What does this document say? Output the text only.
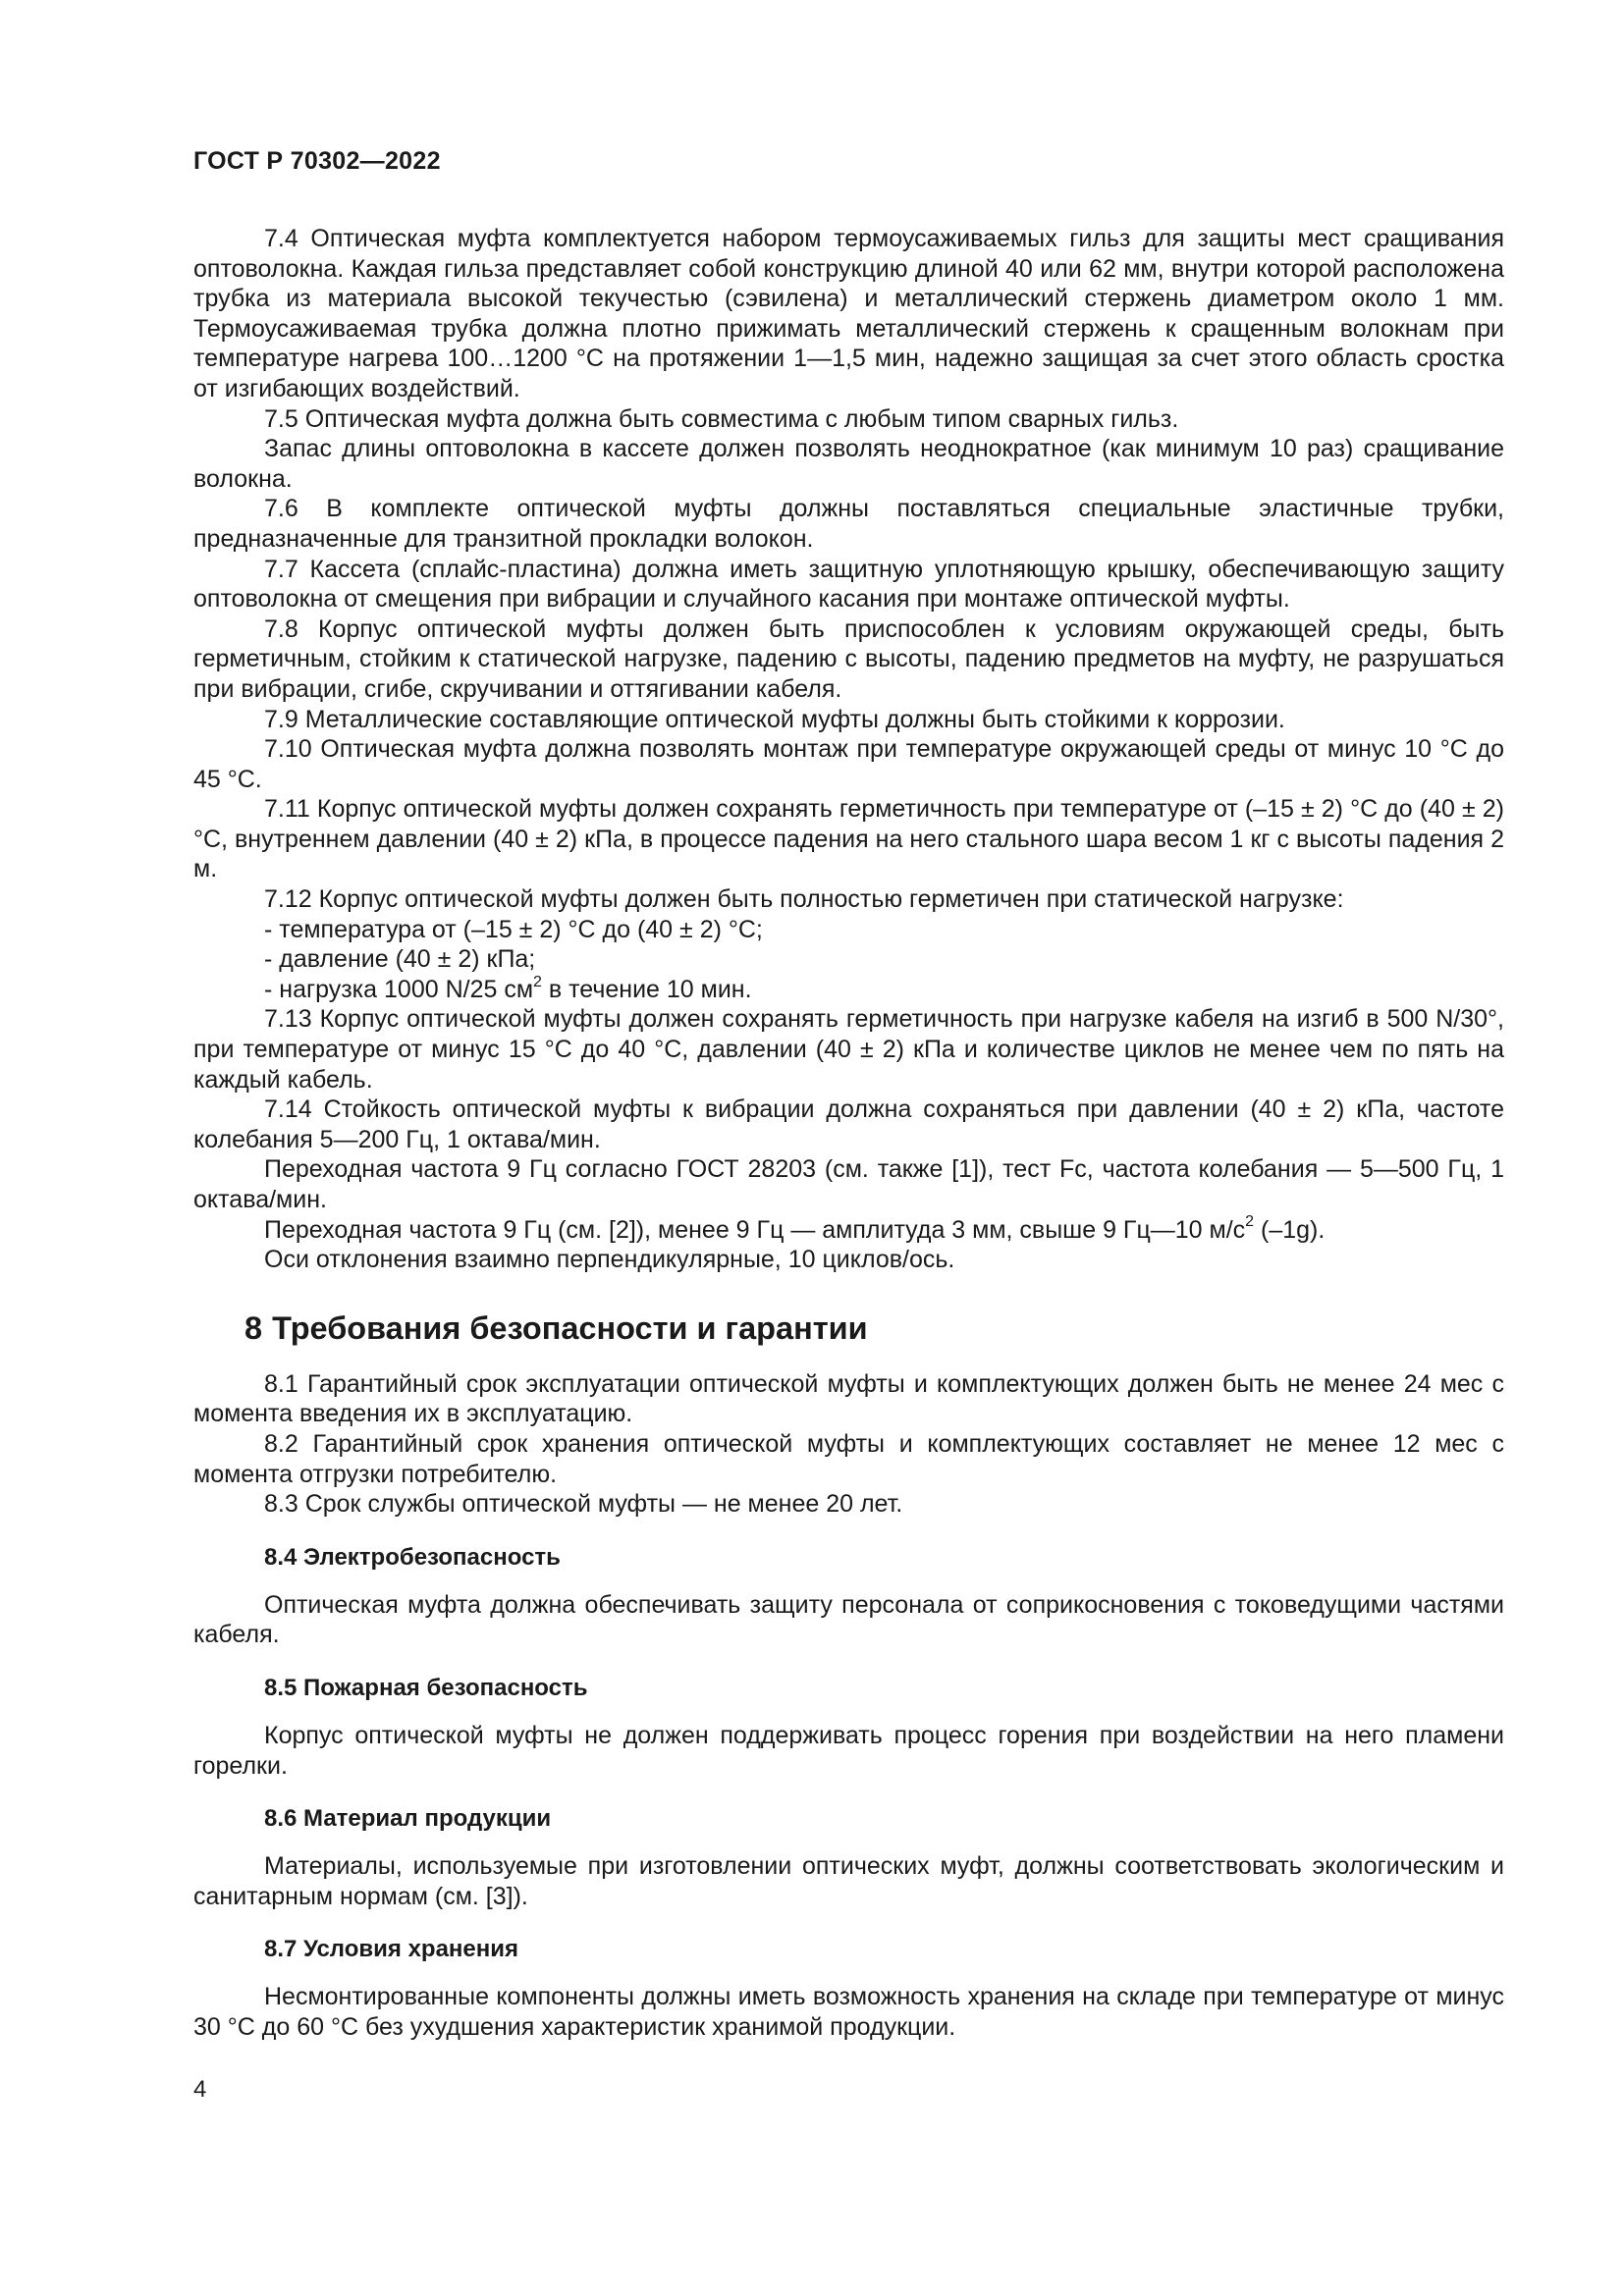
ГОСТ Р 70302—2022

7.4 Оптическая муфта комплектуется набором термоусаживаемых гильз для защиты мест сращивания оптоволокна. Каждая гильза представляет собой конструкцию длиной 40 или 62 мм, внутри которой расположена трубка из материала высокой текучестью (сэвилена) и металлический стержень диаметром около 1 мм. Термоусаживаемая трубка должна плотно прижимать металлический стержень к сращенным волокнам при температуре нагрева 100…1200 °С на протяжении 1—1,5 мин, надежно защищая за счет этого область сростка от изгибающих воздействий.

7.5 Оптическая муфта должна быть совместима с любым типом сварных гильз.

Запас длины оптоволокна в кассете должен позволять неоднократное (как минимум 10 раз) сращивание волокна.

7.6 В комплекте оптической муфты должны поставляться специальные эластичные трубки, предназначенные для транзитной прокладки волокон.

7.7 Кассета (сплайс-пластина) должна иметь защитную уплотняющую крышку, обеспечивающую защиту оптоволокна от смещения при вибрации и случайного касания при монтаже оптической муфты.

7.8 Корпус оптической муфты должен быть приспособлен к условиям окружающей среды, быть герметичным, стойким к статической нагрузке, падению с высоты, падению предметов на муфту, не разрушаться при вибрации, сгибе, скручивании и оттягивании кабеля.

7.9 Металлические составляющие оптической муфты должны быть стойкими к коррозии.

7.10 Оптическая муфта должна позволять монтаж при температуре окружающей среды от минус 10 °С до 45 °С.

7.11 Корпус оптической муфты должен сохранять герметичность при температуре от (–15 ± 2) °С до (40 ± 2) °С, внутреннем давлении (40 ± 2) кПа, в процессе падения на него стального шара весом 1 кг с высоты падения 2 м.

7.12 Корпус оптической муфты должен быть полностью герметичен при статической нагрузке:

- температура от (–15 ± 2) °С до (40 ± 2) °С;

- давление (40 ± 2) кПа;

- нагрузка 1000 N/25 $см^2$ в течение 10 мин.

7.13 Корпус оптической муфты должен сохранять герметичность при нагрузке кабеля на изгиб в 500 N/30°, при температуре от минус 15 °С до 40 °С, давлении (40 ± 2) кПа и количестве циклов не менее чем по пять на каждый кабель.

7.14 Стойкость оптической муфты к вибрации должна сохраняться при давлении (40 ± 2) кПа, частоте колебания 5—200 Гц, 1 октава/мин.

Переходная частота 9 Гц согласно ГОСТ 28203 (см. также [1]), тест Fc, частота колебания — 5—500 Гц, 1 октава/мин.

Переходная частота 9 Гц (см. [2]), менее 9 Гц — амплитуда 3 мм, свыше 9 Гц—10 $м/с^2$ (–1g).

Оси отклонения взаимно перпендикулярные, 10 циклов/ось.

8 Требования безопасности и гарантии

8.1 Гарантийный срок эксплуатации оптической муфты и комплектующих должен быть не менее 24 мес с момента введения их в эксплуатацию.

8.2 Гарантийный срок хранения оптической муфты и комплектующих составляет не менее 12 мес с момента отгрузки потребителю.

8.3 Срок службы оптической муфты — не менее 20 лет.

8.4 Электробезопасность

Оптическая муфта должна обеспечивать защиту персонала от соприкосновения с токоведущими частями кабеля.

8.5 Пожарная безопасность

Корпус оптической муфты не должен поддерживать процесс горения при воздействии на него пламени горелки.

8.6 Материал продукции

Материалы, используемые при изготовлении оптических муфт, должны соответствовать экологическим и санитарным нормам (см. [3]).

8.7 Условия хранения

Несмонтированные компоненты должны иметь возможность хранения на складе при температуре от минус 30 °С до 60 °С без ухудшения характеристик хранимой продукции.

4
